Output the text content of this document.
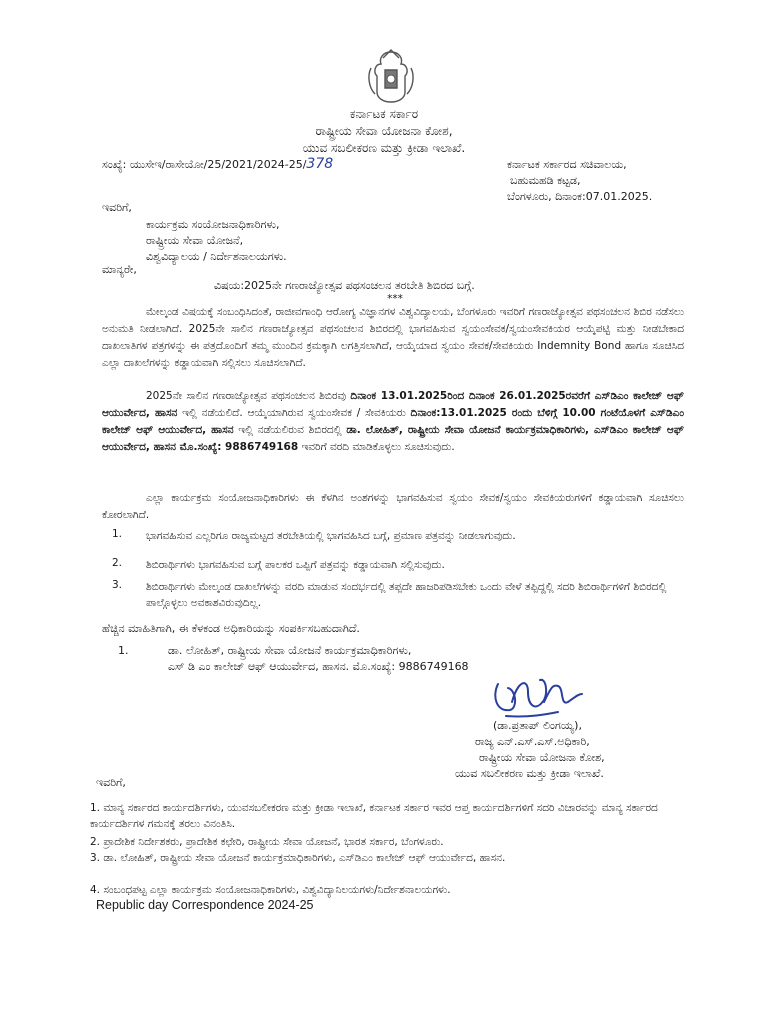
ಕರ್ನಾಟಕ ಸರ್ಕಾರ
ರಾಷ್ಟ್ರೀಯ ಸೇವಾ ಯೋಜನಾ ಕೋಶ,
ಯುವ ಸಬಲೀಕರಣ ಮತ್ತು ಕ್ರೀಡಾ ಇಲಾಖೆ.
ಸಂಖ್ಯೆ: ಯುಸೇಇ/ರಾಸೇಯೋ/25/2021/2024-25/378	ಕರ್ನಾಟಕ ಸರ್ಕಾರದ ಸಚಿವಾಲಯ,
ಬಹುಮಹಡಿ ಕಟ್ಟಡ,
ಬೆಂಗಳೂರು, ದಿನಾಂಕ:07.01.2025.
ಇವರಿಗೆ,
ಕಾರ್ಯಕ್ರಮ ಸಂಯೋಜನಾಧಿಕಾರಿಗಳು,
ರಾಷ್ಟ್ರೀಯ ಸೇವಾ ಯೋಜನೆ,
ವಿಶ್ವವಿದ್ಯಾಲಯ / ನಿರ್ದೇಶನಾಲಯಗಳು.
ಮಾನ್ಯರೇ,
ವಿಷಯ:2025ನೇ ಗಣರಾಜ್ಯೋತ್ಸವ ಪಥಸಂಚಲನ ತರಬೇತಿ ಶಿಬಿರದ ಬಗ್ಗೆ.
***
ಮೇಲ್ಕಂಡ ವಿಷಯಕ್ಕೆ ಸಂಬಂಧಿಸಿದಂತೆ, ರಾಜೀವಗಾಂಧಿ ಆರೋಗ್ಯ ವಿಜ್ಞಾನಗಳ ವಿಶ್ವವಿದ್ಯಾಲಯ, ಬೆಂಗಳೂರು ಇವರಿಗೆ ಗಣರಾಜ್ಯೋತ್ಸವ ಪಥಸಂಚಲನ ಶಿಬಿರ ನಡೆಸಲು ಅನುಮತಿ ನೀಡಲಾಗಿದೆ. 2025ನೇ ಸಾಲಿನ ಗಣರಾಜ್ಯೋತ್ಸವ ಪಥಸಂಚಲನ ಶಿಬಿರದಲ್ಲಿ ಭಾಗವಹಿಸುವ ಸ್ವಯಂಸೇವಕ/ಸ್ವಯಂಸೇವಕಿಯರ ಆಯ್ಕೆಪಟ್ಟಿ ಮತ್ತು ನೀಡಬೇಕಾದ ದಾಖಲಾತಿಗಳ ಪತ್ರಗಳನ್ನು ಈ ಪತ್ರದೊಂದಿಗೆ ತಮ್ಮ ಮುಂದಿನ ಕ್ರಮಕ್ಕಾಗಿ ಲಗತ್ತಿಸಲಾಗಿದೆ, ಆಯ್ಕೆಯಾದ ಸ್ವಯಂ ಸೇವಕ/ಸೇವಕಿಯರು Indemnity Bond ಹಾಗೂ ಸೂಚಿಸಿದ ಎಲ್ಲಾ ದಾಖಲೆಗಳನ್ನು ಕಡ್ಡಾಯವಾಗಿ ಸಲ್ಲಿಸಲು ಸೂಚಿಸಲಾಗಿದೆ.
2025ನೇ ಸಾಲಿನ ಗಣರಾಜ್ಯೋತ್ಸವ ಪಥಸಂಚಲನ ಶಿಬಿರವು ದಿನಾಂಕ 13.01.2025ರಿಂದ ದಿನಾಂಕ 26.01.2025ರವರೆಗೆ ಎಸ್‌ಡಿಎಂ ಕಾಲೇಜ್ ಆಫ್ ಆಯುರ್ವೇದ, ಹಾಸನ ಇಲ್ಲಿ ನಡೆಯಲಿದೆ. ಆಯ್ಕೆಯಾಗಿರುವ ಸ್ವಯಂಸೇವಕ / ಸೇವಕಿಯರು ದಿನಾಂಕ:13.01.2025 ರಂದು ಬೆಳಿಗ್ಗೆ 10.00 ಗಂಟೆಯೊಳಗೆ ಎಸ್‌ಡಿಎಂ ಕಾಲೇಜ್ ಆಫ್ ಆಯುರ್ವೇದ, ಹಾಸನ ಇಲ್ಲಿ ನಡೆಯಲಿರುವ ಶಿಬಿರದಲ್ಲಿ ಡಾ. ಲೋಹಿತ್, ರಾಷ್ಟ್ರೀಯ ಸೇವಾ ಯೋಜನೆ ಕಾರ್ಯಕ್ರಮಾಧಿಕಾರಿಗಳು, ಎಸ್‌ಡಿಎಂ ಕಾಲೇಜ್ ಆಫ್ ಆಯುರ್ವೇದ, ಹಾಸನ ಮೊ.ಸಂಖ್ಯೆ: 9886749168 ಇವರಿಗೆ ವರದಿ ಮಾಡಿಕೊಳ್ಳಲು ಸೂಚಿಸುವುದು.
ಎಲ್ಲಾ ಕಾರ್ಯಕ್ರಮ ಸಂಯೋಜನಾಧಿಕಾರಿಗಳು ಈ ಕೆಳಗಿನ ಅಂಶಗಳನ್ನು ಭಾಗವಹಿಸುವ ಸ್ವಯಂ ಸೇವಕ/ಸ್ವಯಂ ಸೇವಕಿಯರುಗಳಿಗೆ ಕಡ್ಡಾಯವಾಗಿ ಸೂಚಿಸಲು ಕೋರಲಾಗಿದೆ.
1. ಭಾಗವಹಿಸುವ ಎಲ್ಲರಿಗೂ ರಾಜ್ಯಮಟ್ಟದ ತರಬೇತಿಯಲ್ಲಿ ಭಾಗವಹಿಸಿದ ಬಗ್ಗೆ, ಪ್ರಮಾಣ ಪತ್ರವನ್ನು ನೀಡಲಾಗುವುದು.
2. ಶಿಬಿರಾರ್ಥಿಗಳು ಭಾಗವಹಿಸುವ ಬಗ್ಗೆ ಪಾಲಕರ ಒಪ್ಪಿಗೆ ಪತ್ರವನ್ನು ಕಡ್ಡಾಯವಾಗಿ ಸಲ್ಲಿಸುವುದು.
3. ಶಿಬಿರಾರ್ಥಿಗಳು ಮೇಲ್ಕಂಡ ದಾಖಲೆಗಳನ್ನು ವರದಿ ಮಾಡುವ ಸಂದರ್ಭದಲ್ಲಿ ತಪ್ಪದೇ ಹಾಜರಿಪಡಿಸಬೇಕು ಒಂದು ವೇಳೆ ತಪ್ಪಿದ್ದಲ್ಲಿ ಸದರಿ ಶಿಬಿರಾರ್ಥಿಗಳಿಗೆ ಶಿಬಿರದಲ್ಲಿ ಪಾಲ್ಗೊಳ್ಳಲು ಅವಕಾಶವಿರುವುದಿಲ್ಲ.
ಹೆಚ್ಚಿನ ಮಾಹಿತಿಗಾಗಿ, ಈ ಕೆಳಕಂಡ ಅಧಿಕಾರಿಯನ್ನು ಸಂಪರ್ಕಿಸಬಹುದಾಗಿದೆ.
1.	ಡಾ. ಲೋಹಿತ್, ರಾಷ್ಟ್ರೀಯ ಸೇವಾ ಯೋಜನೆ ಕಾರ್ಯಕ್ರಮಾಧಿಕಾರಿಗಳು,
ಎಸ್ ಡಿ ಎಂ ಕಾಲೇಜ್ ಆಫ್ ಆಯುರ್ವೇದ, ಹಾಸನ. ಮೊ.ಸಂಖ್ಯೆ: 9886749168
(ಡಾ.ಪ್ರತಾಪ್ ಲಿಂಗಯ್ಯ),
ರಾಜ್ಯ ಎನ್.ಎಸ್.ಎಸ್.ಅಧಿಕಾರಿ,
ರಾಷ್ಟ್ರೀಯ ಸೇವಾ ಯೋಜನಾ ಕೋಶ,
ಯುವ ಸಬಲೀಕರಣ ಮತ್ತು ಕ್ರೀಡಾ ಇಲಾಖೆ.
ಇವರಿಗೆ,
1. ಮಾನ್ಯ ಸರ್ಕಾರದ ಕಾರ್ಯದರ್ಶಿಗಳು, ಯುವಸಬಲೀಕರಣ ಮತ್ತು ಕ್ರೀಡಾ ಇಲಾಖೆ, ಕರ್ನಾಟಕ ಸರ್ಕಾರ ಇವರ ಆಪ್ತ ಕಾರ್ಯದರ್ಶಿಗಳಿಗೆ ಸದರಿ ವಿಚಾರವನ್ನು ಮಾನ್ಯ ಸರ್ಕಾರದ ಕಾರ್ಯದರ್ಶಿಗಳ ಗಮನಕ್ಕೆ ತರಲು ವಿನಂತಿಸಿ.
2. ಪ್ರಾದೇಶಿಕ ನಿರ್ದೇಶಕರು, ಪ್ರಾದೇಶಿಕ ಕಛೇರಿ, ರಾಷ್ಟ್ರೀಯ ಸೇವಾ ಯೋಜನೆ, ಭಾರತ ಸರ್ಕಾರ, ಬೆಂಗಳೂರು.
3. ಡಾ. ಲೋಹಿತ್, ರಾಷ್ಟ್ರೀಯ ಸೇವಾ ಯೋಜನೆ ಕಾರ್ಯಕ್ರಮಾಧಿಕಾರಿಗಳು, ಎಸ್‌ಡಿಎಂ ಕಾಲೇಜ್ ಆಫ್ ಆಯುರ್ವೇದ, ಹಾಸನ.
4. ಸಂಬಂಧಪಟ್ಟ ಎಲ್ಲಾ ಕಾರ್ಯಕ್ರಮ ಸಂಯೋಜನಾಧಿಕಾರಿಗಳು, ವಿಶ್ವವಿದ್ಯಾನಿಲಯಗಳು/ನಿರ್ದೇಶನಾಲಯಗಳು.
Republic day Correspondence 2024-25
